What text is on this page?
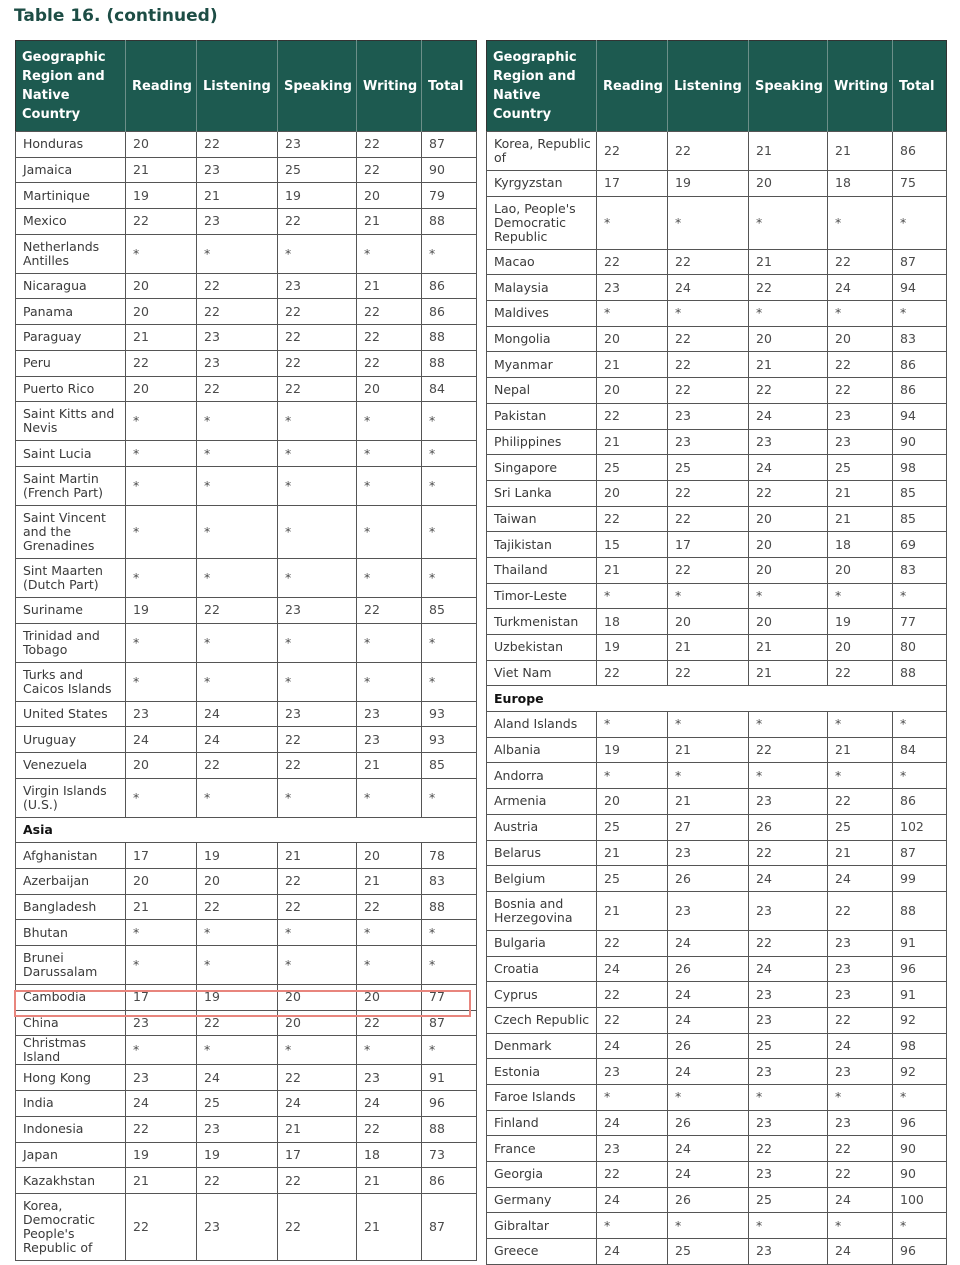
Table 16. (continued)
Geographic Region and Native Country	Reading	Listening	Speaking	Writing	Total
Honduras	20	22	23	22	87
Jamaica	21	23	25	22	90
Martinique	19	21	19	20	79
Mexico	22	23	22	21	88
Netherlands Antilles	*	*	*	*	*
Nicaragua	20	22	23	21	86
Panama	20	22	22	22	86
Paraguay	21	23	22	22	88
Peru	22	23	22	22	88
Puerto Rico	20	22	22	20	84
Saint Kitts and Nevis	*	*	*	*	*
Saint Lucia	*	*	*	*	*
Saint Martin (French Part)	*	*	*	*	*
Saint Vincent and the Grenadines	*	*	*	*	*
Sint Maarten (Dutch Part)	*	*	*	*	*
Suriname	19	22	23	22	85
Trinidad and Tobago	*	*	*	*	*
Turks and Caicos Islands	*	*	*	*	*
United States	23	24	23	23	93
Uruguay	24	24	22	23	93
Venezuela	20	22	22	21	85
Virgin Islands (U.S.)	*	*	*	*	*
Asia					
Afghanistan	17	19	21	20	78
Azerbaijan	20	20	22	21	83
Bangladesh	21	22	22	22	88
Bhutan	*	*	*	*	*
Brunei Darussalam	*	*	*	*	*
Cambodia	17	19	20	20	77
China	23	22	20	22	87
Christmas Island	*	*	*	*	*
Hong Kong	23	24	22	23	91
India	24	25	24	24	96
Indonesia	22	23	21	22	88
Japan	19	19	17	18	73
Kazakhstan	21	22	22	21	86
Korea, Democratic People's Republic of	22	23	22	21	87
Geographic Region and Native Country	Reading	Listening	Speaking	Writing	Total
Korea, Republic of	22	22	21	21	86
Kyrgyzstan	17	19	20	18	75
Lao, People's Democratic Republic	*	*	*	*	*
Macao	22	22	21	22	87
Malaysia	23	24	22	24	94
Maldives	*	*	*	*	*
Mongolia	20	22	20	20	83
Myanmar	21	22	21	22	86
Nepal	20	22	22	22	86
Pakistan	22	23	24	23	94
Philippines	21	23	23	23	90
Singapore	25	25	24	25	98
Sri Lanka	20	22	22	21	85
Taiwan	22	22	20	21	85
Tajikistan	15	17	20	18	69
Thailand	21	22	20	20	83
Timor-Leste	*	*	*	*	*
Turkmenistan	18	20	20	19	77
Uzbekistan	19	21	21	20	80
Viet Nam	22	22	21	22	88
Europe					
Aland Islands	*	*	*	*	*
Albania	19	21	22	21	84
Andorra	*	*	*	*	*
Armenia	20	21	23	22	86
Austria	25	27	26	25	102
Belarus	21	23	22	21	87
Belgium	25	26	24	24	99
Bosnia and Herzegovina	21	23	23	22	88
Bulgaria	22	24	22	23	91
Croatia	24	26	24	23	96
Cyprus	22	24	23	23	91
Czech Republic	22	24	23	22	92
Denmark	24	26	25	24	98
Estonia	23	24	23	23	92
Faroe Islands	*	*	*	*	*
Finland	24	26	23	23	96
France	23	24	22	22	90
Georgia	22	24	23	22	90
Germany	24	26	25	24	100
Gibraltar	*	*	*	*	*
Greece	24	25	23	24	96
